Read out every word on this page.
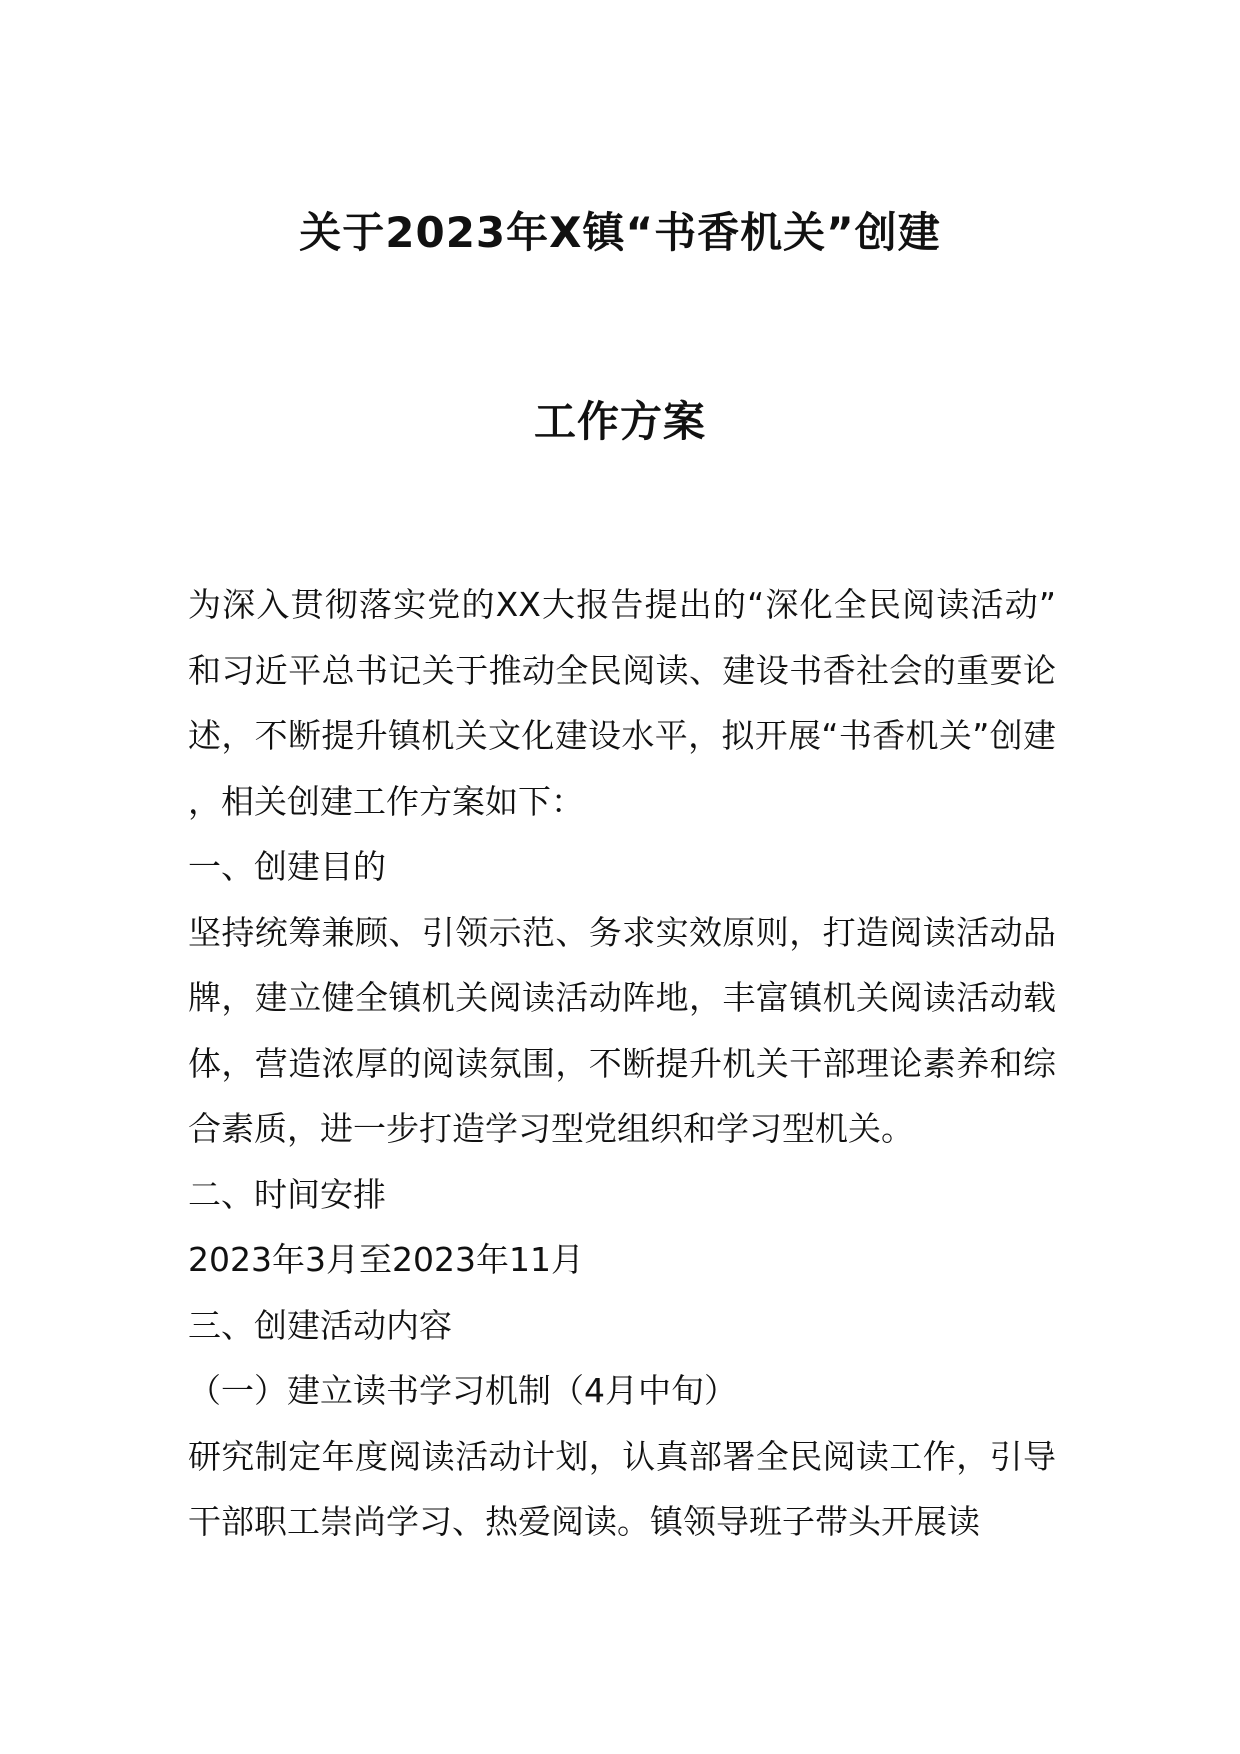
关于2023年X镇“书香机关”创建
工作方案

为深入贯彻落实党的XX大报告提出的“深化全民阅读活动”和习近平总书记关于推动全民阅读、建设书香社会的重要论述，不断提升镇机关文化建设水平，拟开展“书香机关”创建，相关创建工作方案如下：

一、创建目的

坚持统筹兼顾、引领示范、务求实效原则，打造阅读活动品牌，建立健全镇机关阅读活动阵地，丰富镇机关阅读活动载体，营造浓厚的阅读氛围，不断提升机关干部理论素养和综合素质，进一步打造学习型党组织和学习型机关。

二、时间安排

2023年3月至2023年11月

三、创建活动内容

（一）建立读书学习机制（4月中旬）

研究制定年度阅读活动计划，认真部署全民阅读工作，引导干部职工崇尚学习、热爱阅读。镇领导班子带头开展读
